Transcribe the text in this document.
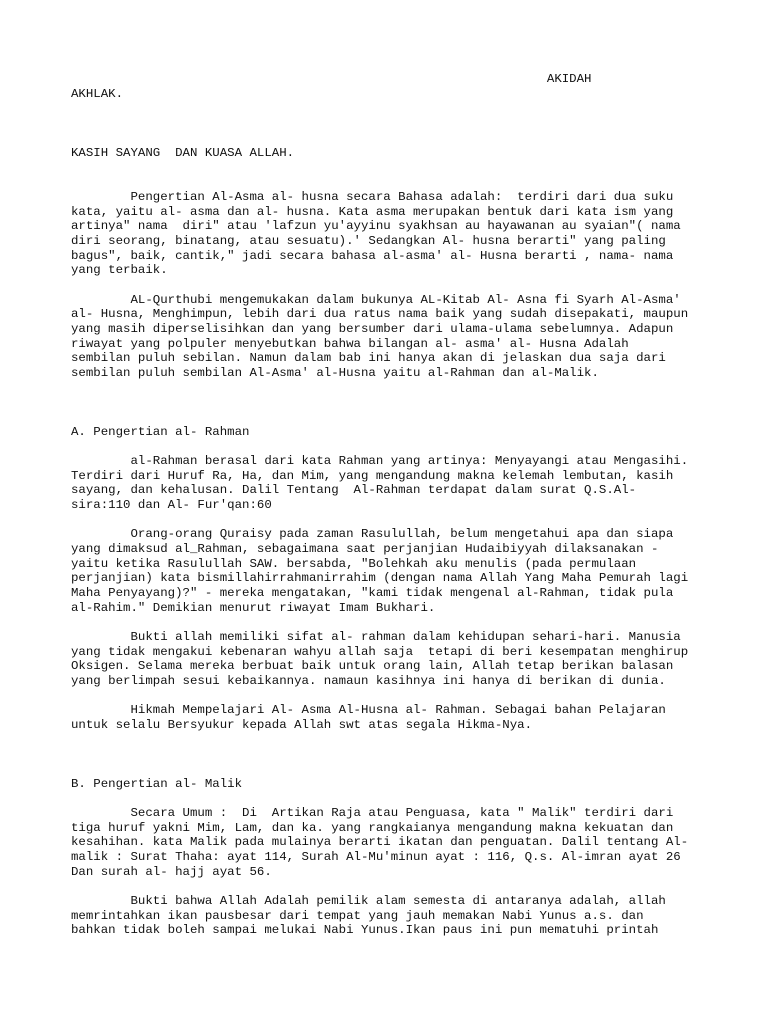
AKIDAH
AKHLAK.
KASIH SAYANG  DAN KUASA ALLAH.
Pengertian Al-Asma al- husna secara Bahasa adalah:  terdiri dari dua suku
kata, yaitu al- asma dan al- husna. Kata asma merupakan bentuk dari kata ism yang
artinya" nama  diri" atau 'lafzun yu'ayyinu syakhsan au hayawanan au syaian"( nama
diri seorang, binatang, atau sesuatu).' Sedangkan Al- husna berarti" yang paling
bagus", baik, cantik," jadi secara bahasa al-asma' al- Husna berarti , nama- nama
yang terbaik.
AL-Qurthubi mengemukakan dalam bukunya AL-Kitab Al- Asna fi Syarh Al-Asma'
al- Husna, Menghimpun, lebih dari dua ratus nama baik yang sudah disepakati, maupun
yang masih diperselisihkan dan yang bersumber dari ulama-ulama sebelumnya. Adapun
riwayat yang polpuler menyebutkan bahwa bilangan al- asma' al- Husna Adalah
sembilan puluh sebilan. Namun dalam bab ini hanya akan di jelaskan dua saja dari
sembilan puluh sembilan Al-Asma' al-Husna yaitu al-Rahman dan al-Malik.
A. Pengertian al- Rahman
al-Rahman berasal dari kata Rahman yang artinya: Menyayangi atau Mengasihi.
Terdiri dari Huruf Ra, Ha, dan Mim, yang mengandung makna kelemah lembutan, kasih
sayang, dan kehalusan. Dalil Tentang  Al-Rahman terdapat dalam surat Q.S.Al-
sira:110 dan Al- Fur'qan:60
Orang-orang Quraisy pada zaman Rasulullah, belum mengetahui apa dan siapa
yang dimaksud al_Rahman, sebagaimana saat perjanjian Hudaibiyyah dilaksanakan -
yaitu ketika Rasulullah SAW. bersabda, "Bolehkah aku menulis (pada permulaan
perjanjian) kata bismillahirrahmanirrahim (dengan nama Allah Yang Maha Pemurah lagi
Maha Penyayang)?" - mereka mengatakan, "kami tidak mengenal al-Rahman, tidak pula
al-Rahim." Demikian menurut riwayat Imam Bukhari.
Bukti allah memiliki sifat al- rahman dalam kehidupan sehari-hari. Manusia
yang tidak mengakui kebenaran wahyu allah saja  tetapi di beri kesempatan menghirup
Oksigen. Selama mereka berbuat baik untuk orang lain, Allah tetap berikan balasan
yang berlimpah sesui kebaikannya. namaun kasihnya ini hanya di berikan di dunia.
Hikmah Mempelajari Al- Asma Al-Husna al- Rahman. Sebagai bahan Pelajaran
untuk selalu Bersyukur kepada Allah swt atas segala Hikma-Nya.
B. Pengertian al- Malik
Secara Umum :  Di  Artikan Raja atau Penguasa, kata " Malik" terdiri dari
tiga huruf yakni Mim, Lam, dan ka. yang rangkaianya mengandung makna kekuatan dan
kesahihan. kata Malik pada mulainya berarti ikatan dan penguatan. Dalil tentang Al-
malik : Surat Thaha: ayat 114, Surah Al-Mu'minun ayat : 116, Q.s. Al-imran ayat 26
Dan surah al- hajj ayat 56.
Bukti bahwa Allah Adalah pemilik alam semesta di antaranya adalah, allah
memrintahkan ikan pausbesar dari tempat yang jauh memakan Nabi Yunus a.s. dan
bahkan tidak boleh sampai melukai Nabi Yunus.Ikan paus ini pun mematuhi printah
